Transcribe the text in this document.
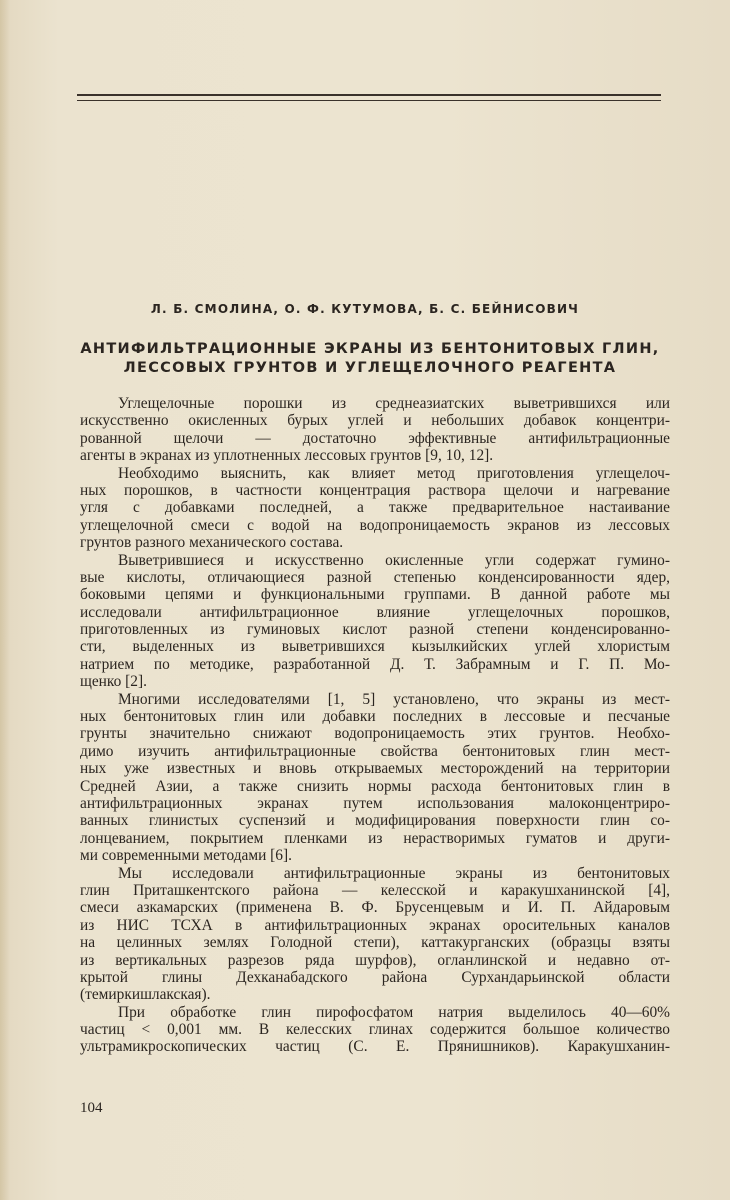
Л. Б. СМОЛИНА, О. Ф. КУТУМОВА, Б. С. БЕЙНИСОВИЧ
АНТИФИЛЬТРАЦИОННЫЕ ЭКРАНЫ ИЗ БЕНТОНИТОВЫХ ГЛИН,
ЛЕССОВЫХ ГРУНТОВ И УГЛЕЩЕЛОЧНОГО РЕАГЕНТА
Углещелочные порошки из среднеазиатских выветрившихся или
искусственно окисленных бурых углей и небольших добавок концентри-
рованной щелочи — достаточно эффективные антифильтрационные
агенты в экранах из уплотненных лессовых грунтов [9, 10, 12].
Необходимо выяснить, как влияет метод приготовления углещелоч-
ных порошков, в частности концентрация раствора щелочи и нагревание
угля с добавками последней, а также предварительное настаивание
углещелочной смеси с водой на водопроницаемость экранов из лессовых
грунтов разного механического состава.
Выветрившиеся и искусственно окисленные угли содержат гумино-
вые кислоты, отличающиеся разной степенью конденсированности ядер,
боковыми цепями и функциональными группами. В данной работе мы
исследовали антифильтрационное влияние углещелочных порошков,
приготовленных из гуминовых кислот разной степени конденсированно-
сти, выделенных из выветрившихся кызылкийских углей хлористым
натрием по методике, разработанной Д. Т. Забрамным и Г. П. Мо-
щенко [2].
Многими исследователями [1, 5] установлено, что экраны из мест-
ных бентонитовых глин или добавки последних в лессовые и песчаные
грунты значительно снижают водопроницаемость этих грунтов. Необхо-
димо изучить антифильтрационные свойства бентонитовых глин мест-
ных уже известных и вновь открываемых месторождений на территории
Средней Азии, а также снизить нормы расхода бентонитовых глин в
антифильтрационных экранах путем использования малоконцентриро-
ванных глинистых суспензий и модифицирования поверхности глин со-
лонцеванием, покрытием пленками из нерастворимых гуматов и други-
ми современными методами [6].
Мы исследовали антифильтрационные экраны из бентонитовых
глин Приташкентского района — келесской и каракушханинской [4],
смеси азкамарских (применена В. Ф. Брусенцевым и И. П. Айдаровым
из НИС ТСХА в антифильтрационных экранах оросительных каналов
на целинных землях Голодной степи), каттакурганских (образцы взяты
из вертикальных разрезов ряда шурфов), огланлинской и недавно от-
крытой глины Дехканабадского района Сурхандарьинской области
(темиркишлакская).
При обработке глин пирофосфатом натрия выделилось 40—60%
частиц < 0,001 мм. В келесских глинах содержится большое количество
ультрамикроскопических частиц (С. Е. Прянишников). Каракушханин-
104
